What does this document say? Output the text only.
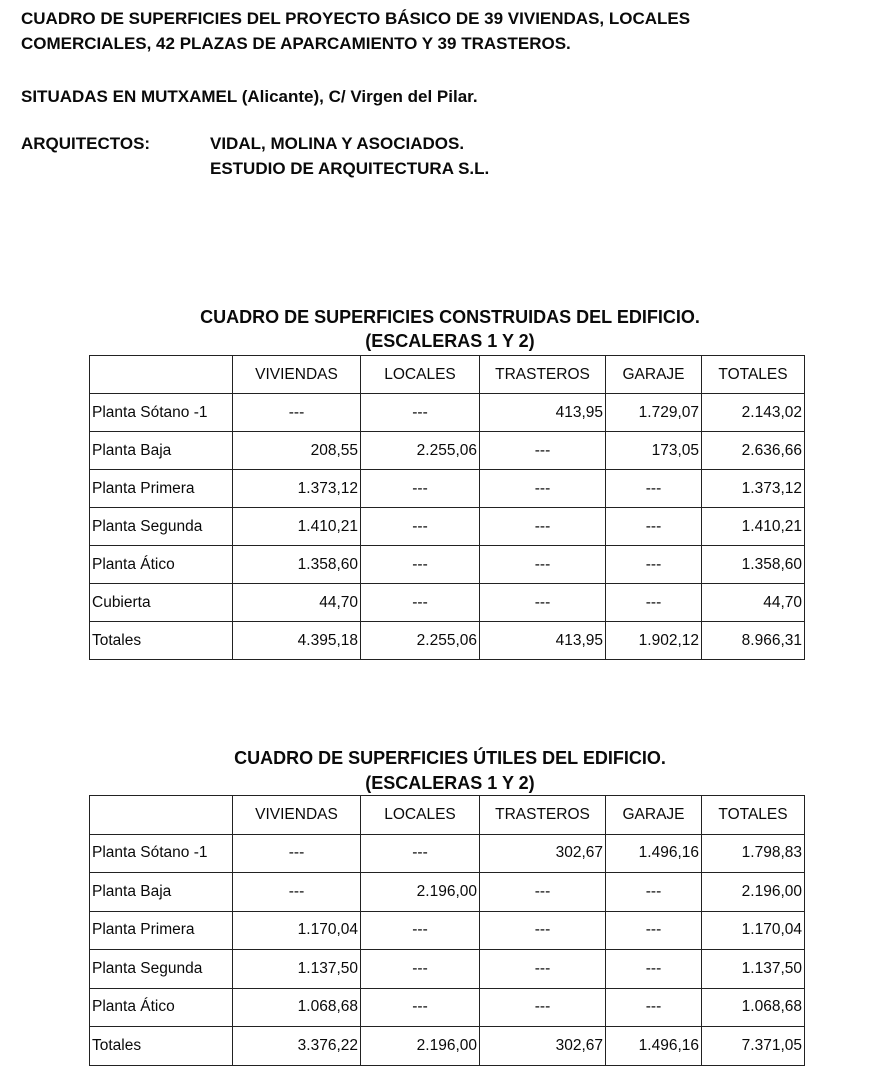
CUADRO DE SUPERFICIES DEL PROYECTO BÁSICO DE 39 VIVIENDAS, LOCALES
COMERCIALES, 42 PLAZAS DE APARCAMIENTO Y 39 TRASTEROS.
SITUADAS EN MUTXAMEL (Alicante), C/ Virgen del Pilar.
ARQUITECTOS:	VIDAL, MOLINA Y ASOCIADOS.
ESTUDIO DE ARQUITECTURA S.L.
CUADRO DE SUPERFICIES CONSTRUIDAS DEL EDIFICIO.
(ESCALERAS 1 Y 2)
	VIVIENDAS	LOCALES	TRASTEROS	GARAJE	TOTALES
Planta Sótano -1	---	---	413,95	1.729,07	2.143,02
Planta Baja	208,55	2.255,06	---	173,05	2.636,66
Planta Primera	1.373,12	---	---	---	1.373,12
Planta Segunda	1.410,21	---	---	---	1.410,21
Planta Ático	1.358,60	---	---	---	1.358,60
Cubierta	44,70	---	---	---	44,70
Totales	4.395,18	2.255,06	413,95	1.902,12	8.966,31
CUADRO DE SUPERFICIES ÚTILES DEL EDIFICIO.
(ESCALERAS 1 Y 2)
	VIVIENDAS	LOCALES	TRASTEROS	GARAJE	TOTALES
Planta Sótano -1	---	---	302,67	1.496,16	1.798,83
Planta Baja	---	2.196,00	---	---	2.196,00
Planta Primera	1.170,04	---	---	---	1.170,04
Planta Segunda	1.137,50	---	---	---	1.137,50
Planta Ático	1.068,68	---	---	---	1.068,68
Totales	3.376,22	2.196,00	302,67	1.496,16	7.371,05
